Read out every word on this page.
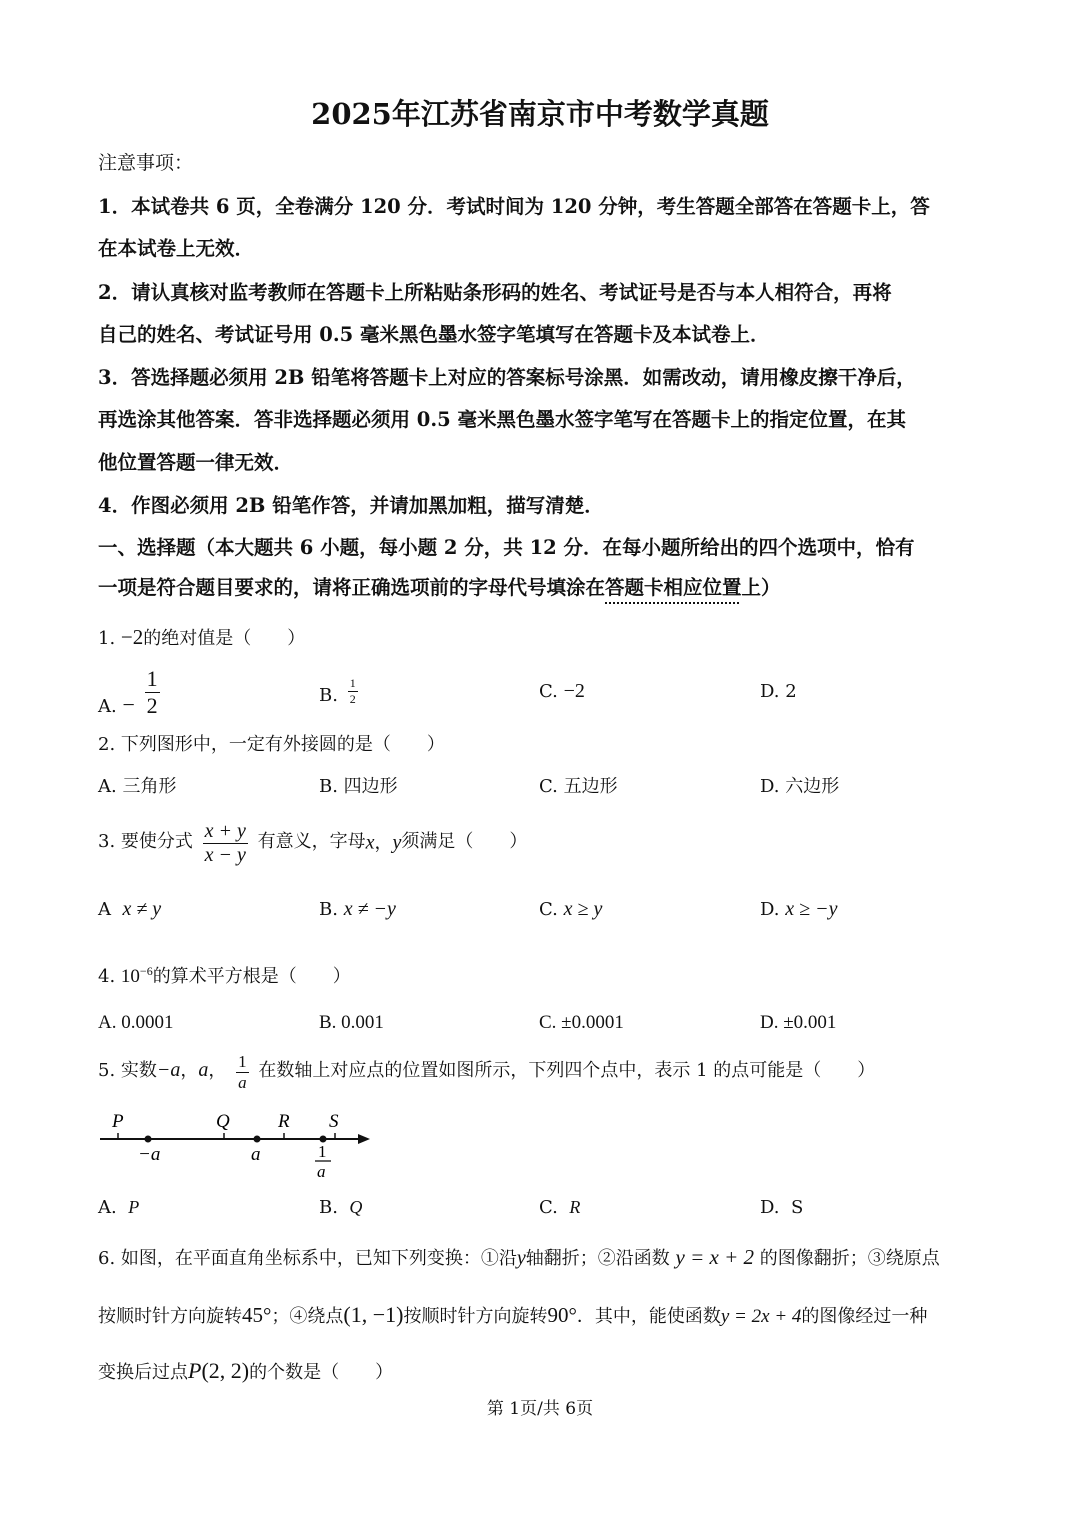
2025年江苏省南京市中考数学真题
注意事项：
1．本试卷共 6 页，全卷满分 120 分．考试时间为 120 分钟，考生答题全部答在答题卡上，答
在本试卷上无效．
2．请认真核对监考教师在答题卡上所粘贴条形码的姓名、考试证号是否与本人相符合，再将
自己的姓名、考试证号用 0.5 毫米黑色墨水签字笔填写在答题卡及本试卷上．
3．答选择题必须用 2B 铅笔将答题卡上对应的答案标号涂黑．如需改动，请用橡皮擦干净后，
再选涂其他答案．答非选择题必须用 0.5 毫米黑色墨水签字笔写在答题卡上的指定位置，在其
他位置答题一律无效．
4．作图必须用 2B 铅笔作答，并请加黑加粗，描写清楚．
一、选择题（本大题共 6 小题，每小题 2 分，共 12 分．在每小题所给出的四个选项中，恰有
一项是符合题目要求的，请将正确选项前的字母代号填涂在答题卡相应位置上）
1. −2的绝对值是（　　）
A. − $\frac{1}{2}$	B. $\frac{1}{2}$	C. −2	D. 2
2. 下列图形中，一定有外接圆的是（　　）
A. 三角形	B. 四边形	C. 五边形	D. 六边形
3. 要使分式 $\frac{x + y}{x - y}$ 有意义，字母x，y须满足（　　）
A x ≠ y	B. x ≠ −y	C. x ≥ y	D. x ≥ −y
4. $10^{-6}$的算术平方根是（　　）
A. 0.0001	B. 0.001	C. ±0.0001	D. ±0.001
5. 实数−a，a， $\frac{1}{a}$ 在数轴上对应点的位置如图所示，下列四个点中，表示 1 的点可能是（　　）
P	Q	R S
−a	a	1
a
A. P	B. Q	C. R	D. S
6. 如图，在平面直角坐标系中，已知下列变换：①沿y轴翻折；②沿函数 y = x + 2 的图像翻折；③绕原点
按顺时针方向旋转45°；④绕点(1, −1)按顺时针方向旋转90°．其中，能使函数y = 2x + 4的图像经过一种
变换后过点P(2, 2)的个数是（　　）
第 1页/共 6页
